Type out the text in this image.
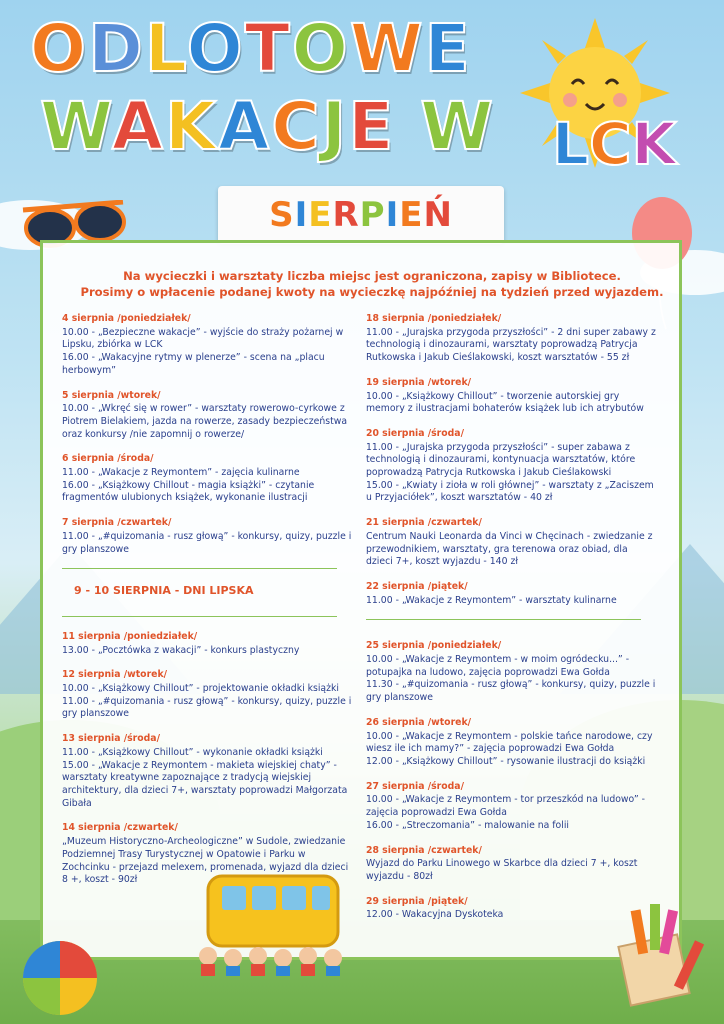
ODLOTOWE
WAKACJE W LCK
S I E R P I E Ń
Na wycieczki i warsztaty liczba miejsc jest ograniczona, zapisy w Bibliotece.
Prosimy o wpłacenie podanej kwoty na wycieczkę najpóźniej na tydzień przed wyjazdem.
4 sierpnia /poniedziałek/
10.00 - „Bezpieczne wakacje” - wyjście do straży pożarnej w Lipsku, zbiórka w LCK
16.00 - „Wakacyjne rytmy w plenerze” - scena na „placu herbowym”
5 sierpnia /wtorek/
10.00 - „Wkręć się w rower” - warsztaty rowerowo-cyrkowe z Piotrem Bielakiem, jazda na rowerze, zasady bezpieczeństwa oraz konkursy /nie zapomnij o rowerze/
6 sierpnia /środa/
11.00 - „Wakacje z Reymontem” - zajęcia kulinarne
16.00 - „Książkowy Chillout - magia książki” - czytanie fragmentów ulubionych książek, wykonanie ilustracji
7 sierpnia /czwartek/
11.00 - „#quizomania - rusz głową” - konkursy, quizy, puzzle i gry planszowe
9 - 10 SIERPNIA - DNI LIPSKA
11 sierpnia /poniedziałek/
13.00 - „Pocztówka z wakacji” - konkurs plastyczny
12 sierpnia /wtorek/
10.00 - „Książkowy Chillout” - projektowanie okładki książki
11.00 - „#quizomania - rusz głową” - konkursy, quizy, puzzle i gry planszowe
13 sierpnia /środa/
11.00 - „Książkowy Chillout” - wykonanie okładki książki
15.00 - „Wakacje z Reymontem - makieta wiejskiej chaty” - warsztaty kreatywne zapoznające z tradycją wiejskiej architektury, dla dzieci 7+, warsztaty poprowadzi Małgorzata Gibała
14 sierpnia /czwartek/
„Muzeum Historyczno-Archeologiczne” w Sudole, zwiedzanie Podziemnej Trasy Turystycznej w Opatowie i Parku w Zochcinku - przejazd melexem, promenada, wyjazd dla dzieci 8 +, koszt - 90zł
18 sierpnia /poniedziałek/
11.00 - „Jurajska przygoda przyszłości” - 2 dni super zabawy z technologią i dinozaurami, warsztaty poprowadzą Patrycja Rutkowska i Jakub Cieślakowski, koszt warsztatów - 55 zł
19 sierpnia /wtorek/
10.00 - „Książkowy Chillout” - tworzenie autorskiej gry memory z ilustracjami bohaterów książek lub ich atrybutów
20 sierpnia /środa/
11.00 - „Jurajska przygoda przyszłości” - super zabawa z technologią i dinozaurami, kontynuacja warsztatów, które poprowadzą Patrycja Rutkowska i Jakub Cieślakowski
15.00 - „Kwiaty i zioła w roli głównej” - warsztaty z „Zaciszem u Przyjaciółek”, koszt warsztatów - 40 zł
21 sierpnia /czwartek/
Centrum Nauki Leonarda da Vinci w Chęcinach - zwiedzanie z przewodnikiem, warsztaty, gra terenowa oraz obiad, dla dzieci 7+, koszt wyjazdu - 140 zł
22 sierpnia /piątek/
11.00 - „Wakacje z Reymontem” - warsztaty kulinarne
25 sierpnia /poniedziałek/
10.00 - „Wakacje z Reymontem - w moim ogródecku...” - potupajka na ludowo, zajęcia poprowadzi Ewa Gołda
11.30 - „#quizomania - rusz głową” - konkursy, quizy, puzzle i gry planszowe
26 sierpnia /wtorek/
10.00 - „Wakacje z Reymontem - polskie tańce narodowe, czy wiesz ile ich mamy?” - zajęcia poprowadzi Ewa Gołda
12.00 - „Książkowy Chillout” - rysowanie ilustracji do książki
27 sierpnia /środa/
10.00 - „Wakacje z Reymontem - tor przeszkód na ludowo” - zajęcia poprowadzi Ewa Gołda
16.00 - „Streczomania” - malowanie na folii
28 sierpnia /czwartek/
Wyjazd do Parku Linowego w Skarbce dla dzieci 7 +, koszt wyjazdu - 80zł
29 sierpnia /piątek/
12.00 - Wakacyjna Dyskoteka
